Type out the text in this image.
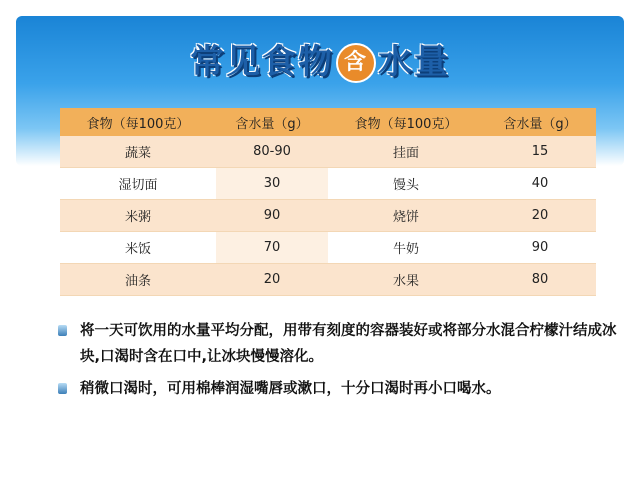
常见食物 含 水量
食物（每100克）	含水量（g）	食物（每100克）	含水量（g）
蔬菜	80-90	挂面	15
湿切面	30	馒头	40
米粥	90	烧饼	20
米饭	70	牛奶	90
油条	20	水果	80
将一天可饮用的水量平均分配，用带有刻度的容器装好或将部分水混合柠檬汁结成冰块,口渴时含在口中,让冰块慢慢溶化。
稍微口渴时，可用棉棒润湿嘴唇或漱口，十分口渴时再小口喝水。
